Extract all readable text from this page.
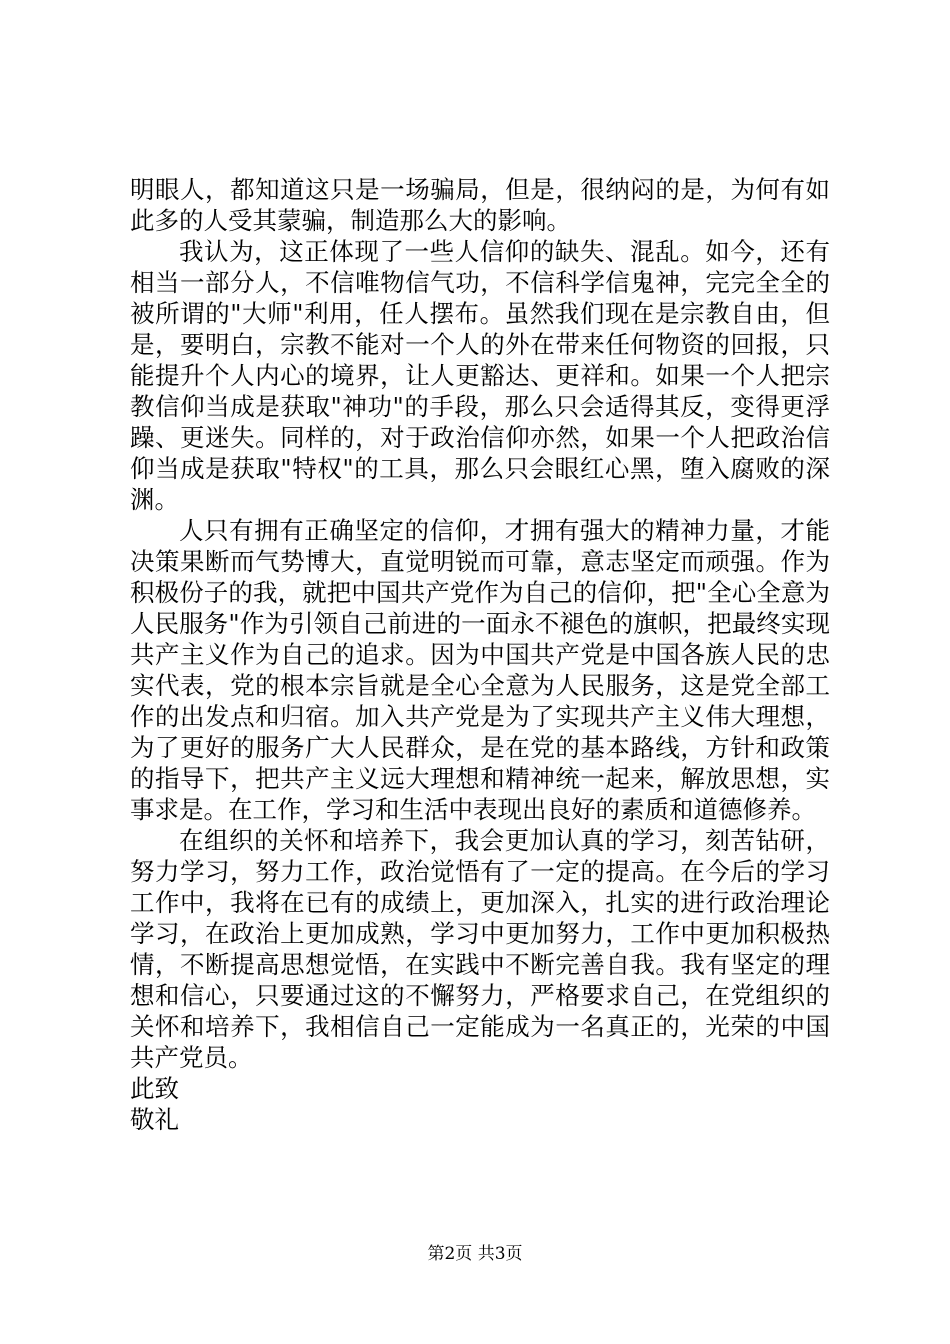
明眼人，都知道这只是一场骗局，但是，很纳闷的是，为何有如此多的人受其蒙骗，制造那么大的影响。

我认为，这正体现了一些人信仰的缺失、混乱。如今，还有相当一部分人，不信唯物信气功，不信科学信鬼神，完完全全的被所谓的"大师"利用，任人摆布。虽然我们现在是宗教自由，但是，要明白，宗教不能对一个人的外在带来任何物资的回报，只能提升个人内心的境界，让人更豁达、更祥和。如果一个人把宗教信仰当成是获取"神功"的手段，那么只会适得其反，变得更浮躁、更迷失。同样的，对于政治信仰亦然，如果一个人把政治信仰当成是获取"特权"的工具，那么只会眼红心黑，堕入腐败的深渊。

人只有拥有正确坚定的信仰，才拥有强大的精神力量，才能决策果断而气势博大，直觉明锐而可靠，意志坚定而顽强。作为积极份子的我，就把中国共产党作为自己的信仰，把"全心全意为人民服务"作为引领自己前进的一面永不褪色的旗帜，把最终实现共产主义作为自己的追求。因为中国共产党是中国各族人民的忠实代表，党的根本宗旨就是全心全意为人民服务，这是党全部工作的出发点和归宿。加入共产党是为了实现共产主义伟大理想，为了更好的服务广大人民群众，是在党的基本路线，方针和政策的指导下，把共产主义远大理想和精神统一起来，解放思想，实事求是。在工作，学习和生活中表现出良好的素质和道德修养。

在组织的关怀和培养下，我会更加认真的学习，刻苦钻研，努力学习，努力工作，政治觉悟有了一定的提高。在今后的学习工作中，我将在已有的成绩上，更加深入，扎实的进行政治理论学习，在政治上更加成熟，学习中更加努力，工作中更加积极热情，不断提高思想觉悟，在实践中不断完善自我。我有坚定的理想和信心，只要通过这的不懈努力，严格要求自己，在党组织的关怀和培养下，我相信自己一定能成为一名真正的，光荣的中国共产党员。

此致

敬礼

第2页 共3页
